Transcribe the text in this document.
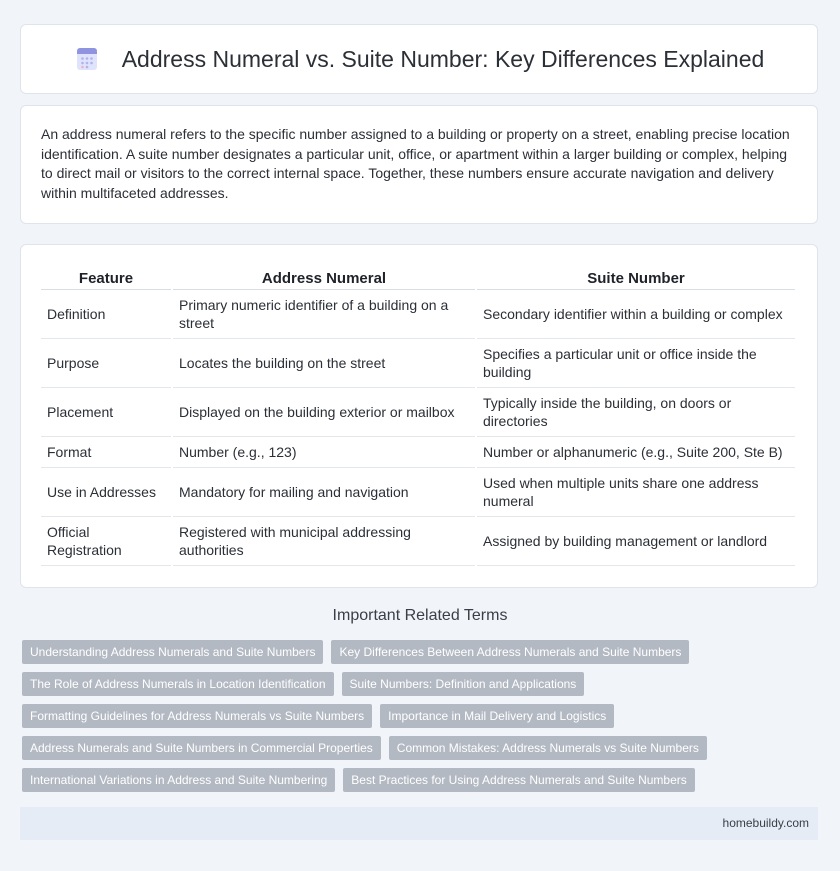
Address Numeral vs. Suite Number: Key Differences Explained

An address numeral refers to the specific number assigned to a building or property on a street, enabling precise location identification. A suite number designates a particular unit, office, or apartment within a larger building or complex, helping to direct mail or visitors to the correct internal space. Together, these numbers ensure accurate navigation and delivery within multifaceted addresses.

Feature	Address Numeral	Suite Number
Definition	Primary numeric identifier of a building on a street	Secondary identifier within a building or complex
Purpose	Locates the building on the street	Specifies a particular unit or office inside the building
Placement	Displayed on the building exterior or mailbox	Typically inside the building, on doors or directories
Format	Number (e.g., 123)	Number or alphanumeric (e.g., Suite 200, Ste B)
Use in Addresses	Mandatory for mailing and navigation	Used when multiple units share one address numeral
Official Registration	Registered with municipal addressing authorities	Assigned by building management or landlord
Important Related Terms
Understanding Address Numerals and Suite Numbers	Key Differences Between Address Numerals and Suite Numbers
The Role of Address Numerals in Location Identification	Suite Numbers: Definition and Applications
Formatting Guidelines for Address Numerals vs Suite Numbers	Importance in Mail Delivery and Logistics
Address Numerals and Suite Numbers in Commercial Properties	Common Mistakes: Address Numerals vs Suite Numbers
International Variations in Address and Suite Numbering	Best Practices for Using Address Numerals and Suite Numbers
homebuildy.com
